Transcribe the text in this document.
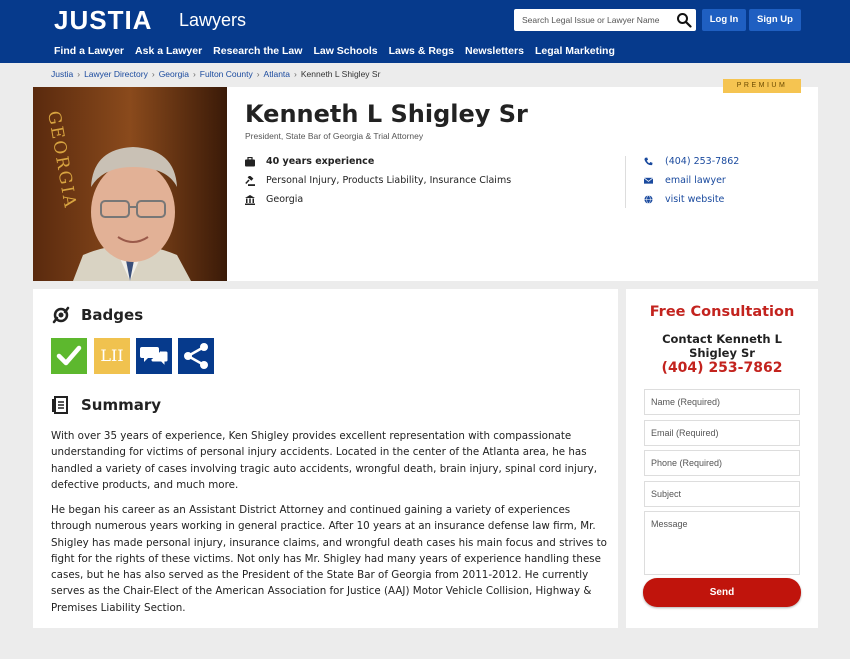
JUSTIA Lawyers
Search Legal Issue or Lawyer Name	Log In	Sign Up
Find a Lawyer Ask a Lawyer Research the Law Law Schools Laws & Regs Newsletters Legal Marketing
Justia › Lawyer Directory › Georgia › Fulton County › Atlanta › Kenneth L Shigley Sr
GEORGIA	Kenneth L Shigley Sr
President, State Bar of Georgia & Trial Attorney
40 years experience
Personal Injury, Products Liability, Insurance Claims
Georgia
(404) 253-7862
email lawyer
visit website
PREMIUM
Badges
LII
Summary

With over 35 years of experience, Ken Shigley provides excellent representation with compassionate understanding for victims of personal injury accidents. Located in the center of the Atlanta area, he has handled a variety of cases involving tragic auto accidents, wrongful death, brain injury, spinal cord injury, defective products, and much more.

He began his career as an Assistant District Attorney and continued gaining a variety of experiences through numerous years working in general practice. After 10 years at an insurance defense law firm, Mr. Shigley has made personal injury, insurance claims, and wrongful death cases his main focus and strives to fight for the rights of these victims. Not only has Mr. Shigley had many years of experience handling these cases, but he has also served as the President of the State Bar of Georgia from 2011-2012. He currently serves as the Chair-Elect of the American Association for Justice (AAJ) Motor Vehicle Collision, Highway & Premises Liability Section.

Free Consultation
Contact Kenneth L Shigley Sr
(404) 253-7862
Name (Required)
Email (Required)
Phone (Required)
Subject
Message
Send
